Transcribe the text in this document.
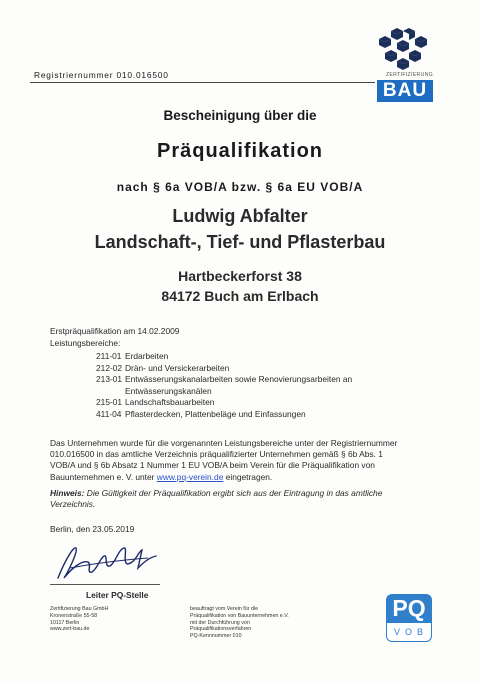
Registriernummer 010.016500	ZERTIFIZIERUNG
BAU
Bescheinigung über die
Präqualifikation
nach § 6a VOB/A bzw. § 6a EU VOB/A
Ludwig Abfalter
Landschaft-, Tief- und Pflasterbau
Hartbeckerforst 38
84172 Buch am Erlbach
Erstpräqualifikation am 14.02.2009
Leistungsbereiche:
211-01 Erdarbeiten
212-02 Drän- und Versickerarbeiten
213-01 Entwässerungskanalarbeiten sowie Renovierungsarbeiten an
Entwässerungskanälen
215-01 Landschaftsbauarbeiten
411-04 Pflasterdecken, Plattenbeläge und Einfassungen
Das Unternehmen wurde für die vorgenannten Leistungsbereiche unter der Registriernummer 010.016500 in das amtliche Verzeichnis präqualifizierter Unternehmen gemäß § 6b Abs. 1 VOB/A und § 6b Absatz 1 Nummer 1 EU VOB/A beim Verein für die Präqualifikation von Bauunternehmen e. V. unter www.pq-verein.de eingetragen.
Hinweis: Die Gültigkeit der Präqualifikation ergibt sich aus der Eintragung in das amtliche Verzeichnis.
Berlin, den 23.05.2019
Leiter PQ-Stelle
Zertifizierung Bau GmbH
Kronenstraße 55-58
10117 Berlin
www.zert-bau.de
beauftragt vom Verein für die
Präqualifikation von Bauunternehmen e.V.
mit der Durchführung von
Präqualifikationsverfahren
PQ-Kennnummer 010
PQ
VOB
